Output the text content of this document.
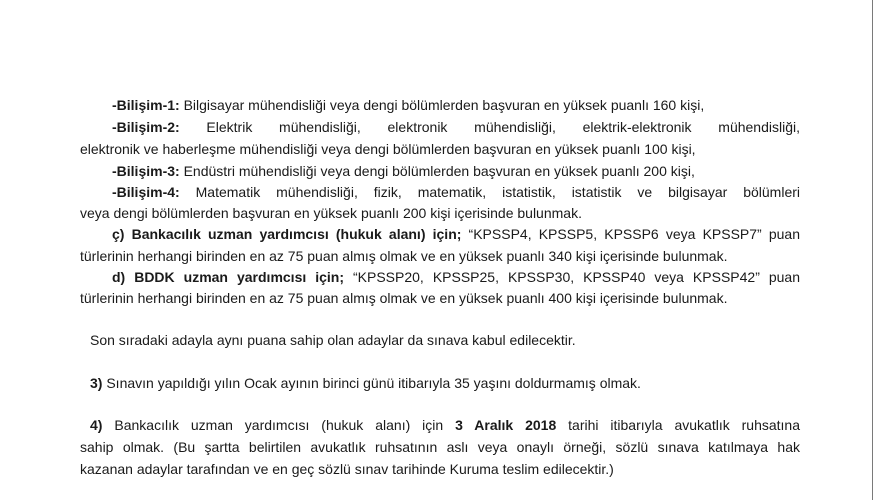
-Bilişim-1: Bilgisayar mühendisliği veya dengi bölümlerden başvuran en yüksek puanlı 160 kişi,
-Bilişim-2: Elektrik mühendisliği, elektronik mühendisliği, elektrik-elektronik mühendisliği,
elektronik ve haberleşme mühendisliği veya dengi bölümlerden başvuran en yüksek puanlı 100 kişi,
-Bilişim-3: Endüstri mühendisliği veya dengi bölümlerden başvuran en yüksek puanlı 200 kişi,
-Bilişim-4: Matematik mühendisliği, fizik, matematik, istatistik, istatistik ve bilgisayar bölümleri
veya dengi bölümlerden başvuran en yüksek puanlı 200 kişi içerisinde bulunmak.
ç) Bankacılık uzman yardımcısı (hukuk alanı) için; “KPSSP4, KPSSP5, KPSSP6 veya KPSSP7” puan
türlerinin herhangi birinden en az 75 puan almış olmak ve en yüksek puanlı 340 kişi içerisinde bulunmak.
d) BDDK uzman yardımcısı için; “KPSSP20, KPSSP25, KPSSP30, KPSSP40 veya KPSSP42” puan
türlerinin herhangi birinden en az 75 puan almış olmak ve en yüksek puanlı 400 kişi içerisinde bulunmak.
Son sıradaki adayla aynı puana sahip olan adaylar da sınava kabul edilecektir.
3) Sınavın yapıldığı yılın Ocak ayının birinci günü itibarıyla 35 yaşını doldurmamış olmak.
4) Bankacılık uzman yardımcısı (hukuk alanı) için 3 Aralık 2018 tarihi itibarıyla avukatlık ruhsatına
sahip olmak. (Bu şartta belirtilen avukatlık ruhsatının aslı veya onaylı örneği, sözlü sınava katılmaya hak
kazanan adaylar tarafından ve en geç sözlü sınav tarihinde Kuruma teslim edilecektir.)
